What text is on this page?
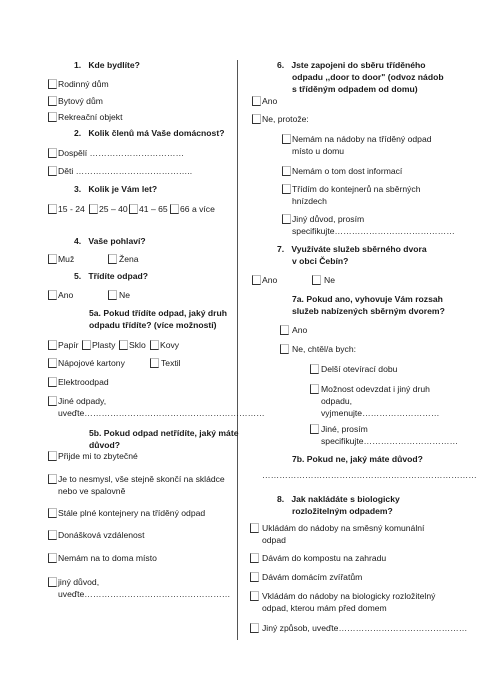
1.   Kde bydlíte?
Rodinný dům
Bytový dům
Rekreační objekt
2.   Kolik členů má Vaše domácnost?
Dospělí ……………………………
Děti …………………………………..
3.   Kolik je Vám let?
15 - 24 25 – 40 41 – 65 66 a více
4.   Vaše pohlaví?
Muž	Žena
5.   Třídíte odpad?
Ano	Ne
5a. Pokud třídíte odpad, jaký druh
odpadu třídíte? (více možností)
Papír Plasty Sklo Kovy
Nápojové kartony	Textil
Elektroodpad
Jiné odpady,
uveďte………………………………………………………
5b. Pokud odpad netřídíte, jaký máte
důvod?
Přijde mi to zbytečné
Je to nesmysl, vše stejně skončí na skládce
nebo ve spalovně
Stále plné kontejnery na tříděný odpad
Donášková vzdálenost
Nemám na to doma místo
jiný důvod,
uveďte……………………………………………
6.   Jste zapojeni do sběru tříděného
odpadu ,,door to door" (odvoz nádob
s tříděným odpadem od domu)
Ano
Ne, protože:
Nemám na nádoby na tříděný odpad
místo u domu
Nemám o tom dost informací
Třídím do kontejnerů na sběrných
hnízdech
Jiný důvod, prosím
specifikujte……………………………………
7.   Využíváte služeb sběrného dvora
v obci Čebín?
Ano	Ne
7a. Pokud ano, vyhovuje Vám rozsah
služeb nabízených sběrným dvorem?
Ano
Ne, chtěl/a bych:
Delší otevírací dobu
Možnost odevzdat i jiný druh
odpadu,
vyjmenujte………………………
Jiné, prosím
specifikujte……………………………
7b. Pokud ne, jaký máte důvod?
…………………………………………………………………
8.   Jak nakládáte s biologicky
rozložitelným odpadem?
Ukládám do nádoby na směsný komunální
odpad
Dávám do kompostu na zahradu
Dávám domácím zvířatům
Vkládám do nádoby na biologicky rozložitelný
odpad, kterou mám před domem
Jiný způsob, uveďte………………………………………
